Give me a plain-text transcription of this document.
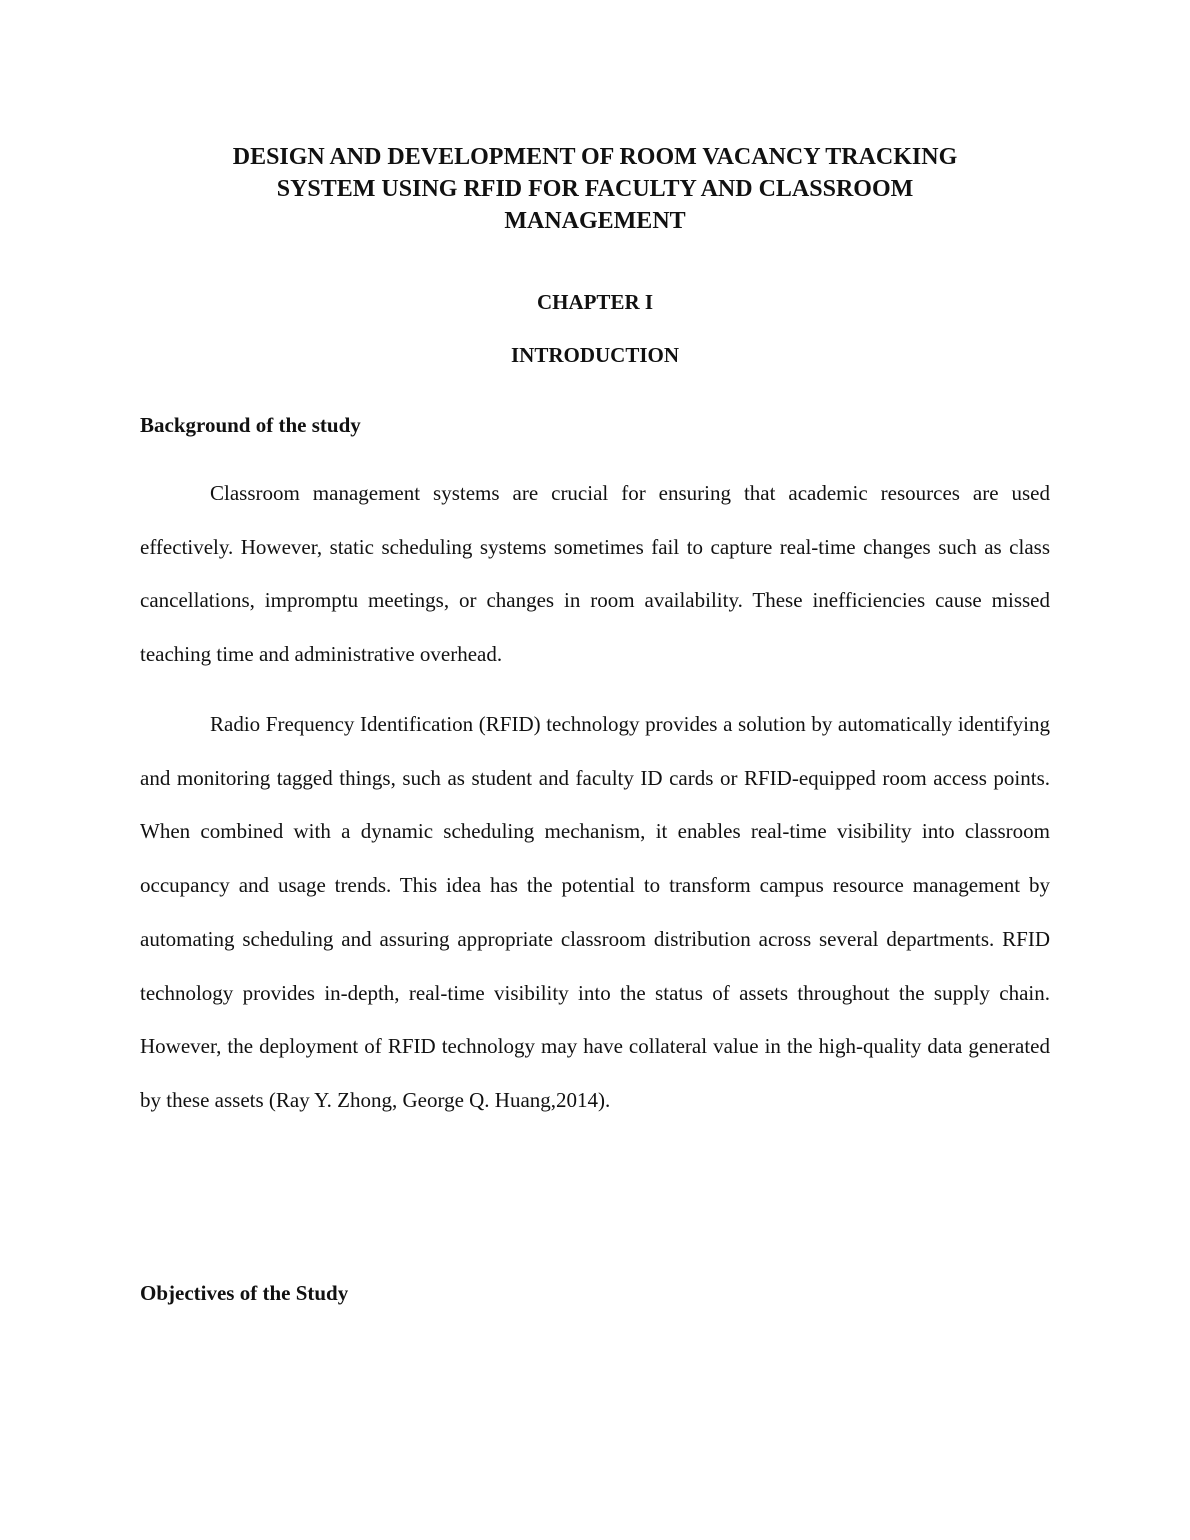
DESIGN AND DEVELOPMENT OF ROOM VACANCY TRACKING
SYSTEM USING RFID FOR FACULTY AND CLASSROOM
MANAGEMENT
CHAPTER I
INTRODUCTION
Background of the study

Classroom management systems are crucial for ensuring that academic resources are used effectively. However, static scheduling systems sometimes fail to capture real-time changes such as class cancellations, impromptu meetings, or changes in room availability. These inefficiencies cause missed teaching time and administrative overhead.

Radio Frequency Identification (RFID) technology provides a solution by automatically identifying and monitoring tagged things, such as student and faculty ID cards or RFID-equipped room access points. When combined with a dynamic scheduling mechanism, it enables real-time visibility into classroom occupancy and usage trends. This idea has the potential to transform campus resource management by automating scheduling and assuring appropriate classroom distribution across several departments. RFID technology provides in-depth, real-time visibility into the status of assets throughout the supply chain. However, the deployment of RFID technology may have collateral value in the high-quality data generated by these assets (Ray Y. Zhong, George Q. Huang,2014).

Objectives of the Study
